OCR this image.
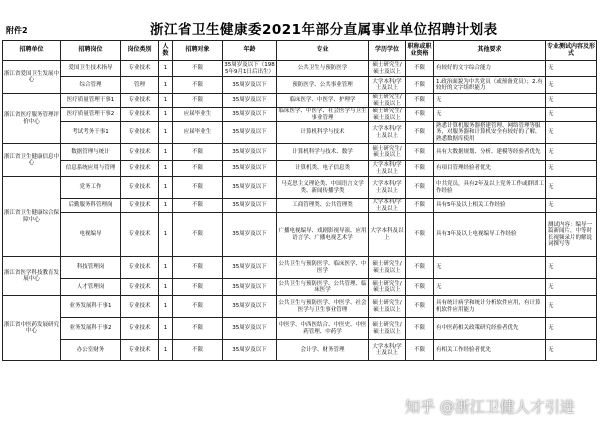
附件2	浙江省卫生健康委2021年部分直属事业单位招聘计划表
招聘单位	招聘岗位	岗位类别	人数	招聘对象	年龄	专业	学历学位	职称或职业资格	其他要求	专业测试内容及形式
浙江省爱国卫生发展中心	爱国卫生技术指导	专业技术	1	不限	35周岁及以下（1985年9月1日后出生）	公共卫生与预防医学	硕士研究生/硕士及以上	不限	有较好的文字综合能力	无
	综合管理	管理	1	不限	35周岁及以下	预防医学、公共事业管理	大学本科/学士及以上	不限	1.政治面貌为中共党员（或预备党员）；2.有较好的文字组织能力	无
浙江省医疗服务管理评价中心	医疗质量管理干事1	专业技术	1	不限	35周岁及以下	临床医学、中医学、护理学	硕士研究生/硕士及以上	不限	无	无
	医疗质量管理干事2	专业技术	1	应届毕业生	35周岁及以下	临床医学、中医学、社会医学与卫生事业管理	硕士研究生/硕士及以上	不限	无	无
	考试考务干事1	专业技术	1	应届毕业生	35周岁及以下	计算机科学与技术	大学本科/学士及以上	不限	熟悉计算机服务器搭建管理、网络管理等服务，对服务器和计算机安全有较好的了解，熟悉数据库使用	无
浙江省卫生健康信息中心	数据管理与统计	专业技术	1	不限	35周岁及以下	计算机科学与技术、数学	硕士研究生/硕士及以上	不限	具有大数据规划、分析、建模等经验者优先	无
	信息系统应用与管理	专业技术	1	不限	35周岁及以下	计算机类、电子信息类	大学本科/学士及以上	不限	有项目管理经验者优先	无
浙江省卫生健康综合保障中心	党务工作	专业技术	1	不限	35周岁及以下	马克思主义理论类、中国语言文学类、新闻传播学类	大学本科/学士及以上	不限	中共党员，具有2年及以上党务工作或群团工作经验	无
	后勤服务科管理岗	专业技术	1	不限	35周岁及以下	工商管理类、公共管理类	大学本科/学士及以上	不限	具有5年及以上相关工作经验	无
	电视编导	专业技术	1	不限	35周岁及以下	广播电视编导、戏剧影视导演、应用语言学、广播电视艺术学	大学本科及以上	不限	具有3年及以上电视编导工作经验	测试内容：编导一篇新闻片，中等时长视频录片的解说词撰写等
浙江省医学科技教育发展中心	科技管理岗	专业技术	1	不限	35周岁及以下	公共卫生与预防医学、临床医学、中医学	硕士研究生/硕士及以上	不限	无	无
	人才管理岗	专业技术	1	不限	35周岁及以下	公共卫生与预防医学、公共管理、临床医学	硕士研究生/硕士及以上	不限	无	无
浙江省中医药发展研究中心	业务发展科干事1	专业技术	1	不限	35周岁及以下	公共卫生与预防医学、中医学、社会医学与卫生事业管理	硕士研究生/硕士及以上	不限	具有统计病学和统计分析软件应用，有计算机软件应用能力	无
	业务发展科干事2	专业技术	1	不限	35周岁及以下	中医学、中西医结合、中医史、中医药管理、中药学	硕士研究生/硕士及以上	不限	有中医药相关政策研究经验者优先	无
	办公室财务	专业技术	1	不限	35周岁及以下	会计学、财务管理	大学本科/学士及以上	不限	有相关工作经验者优先	无
知乎 @浙江卫健人才引进
